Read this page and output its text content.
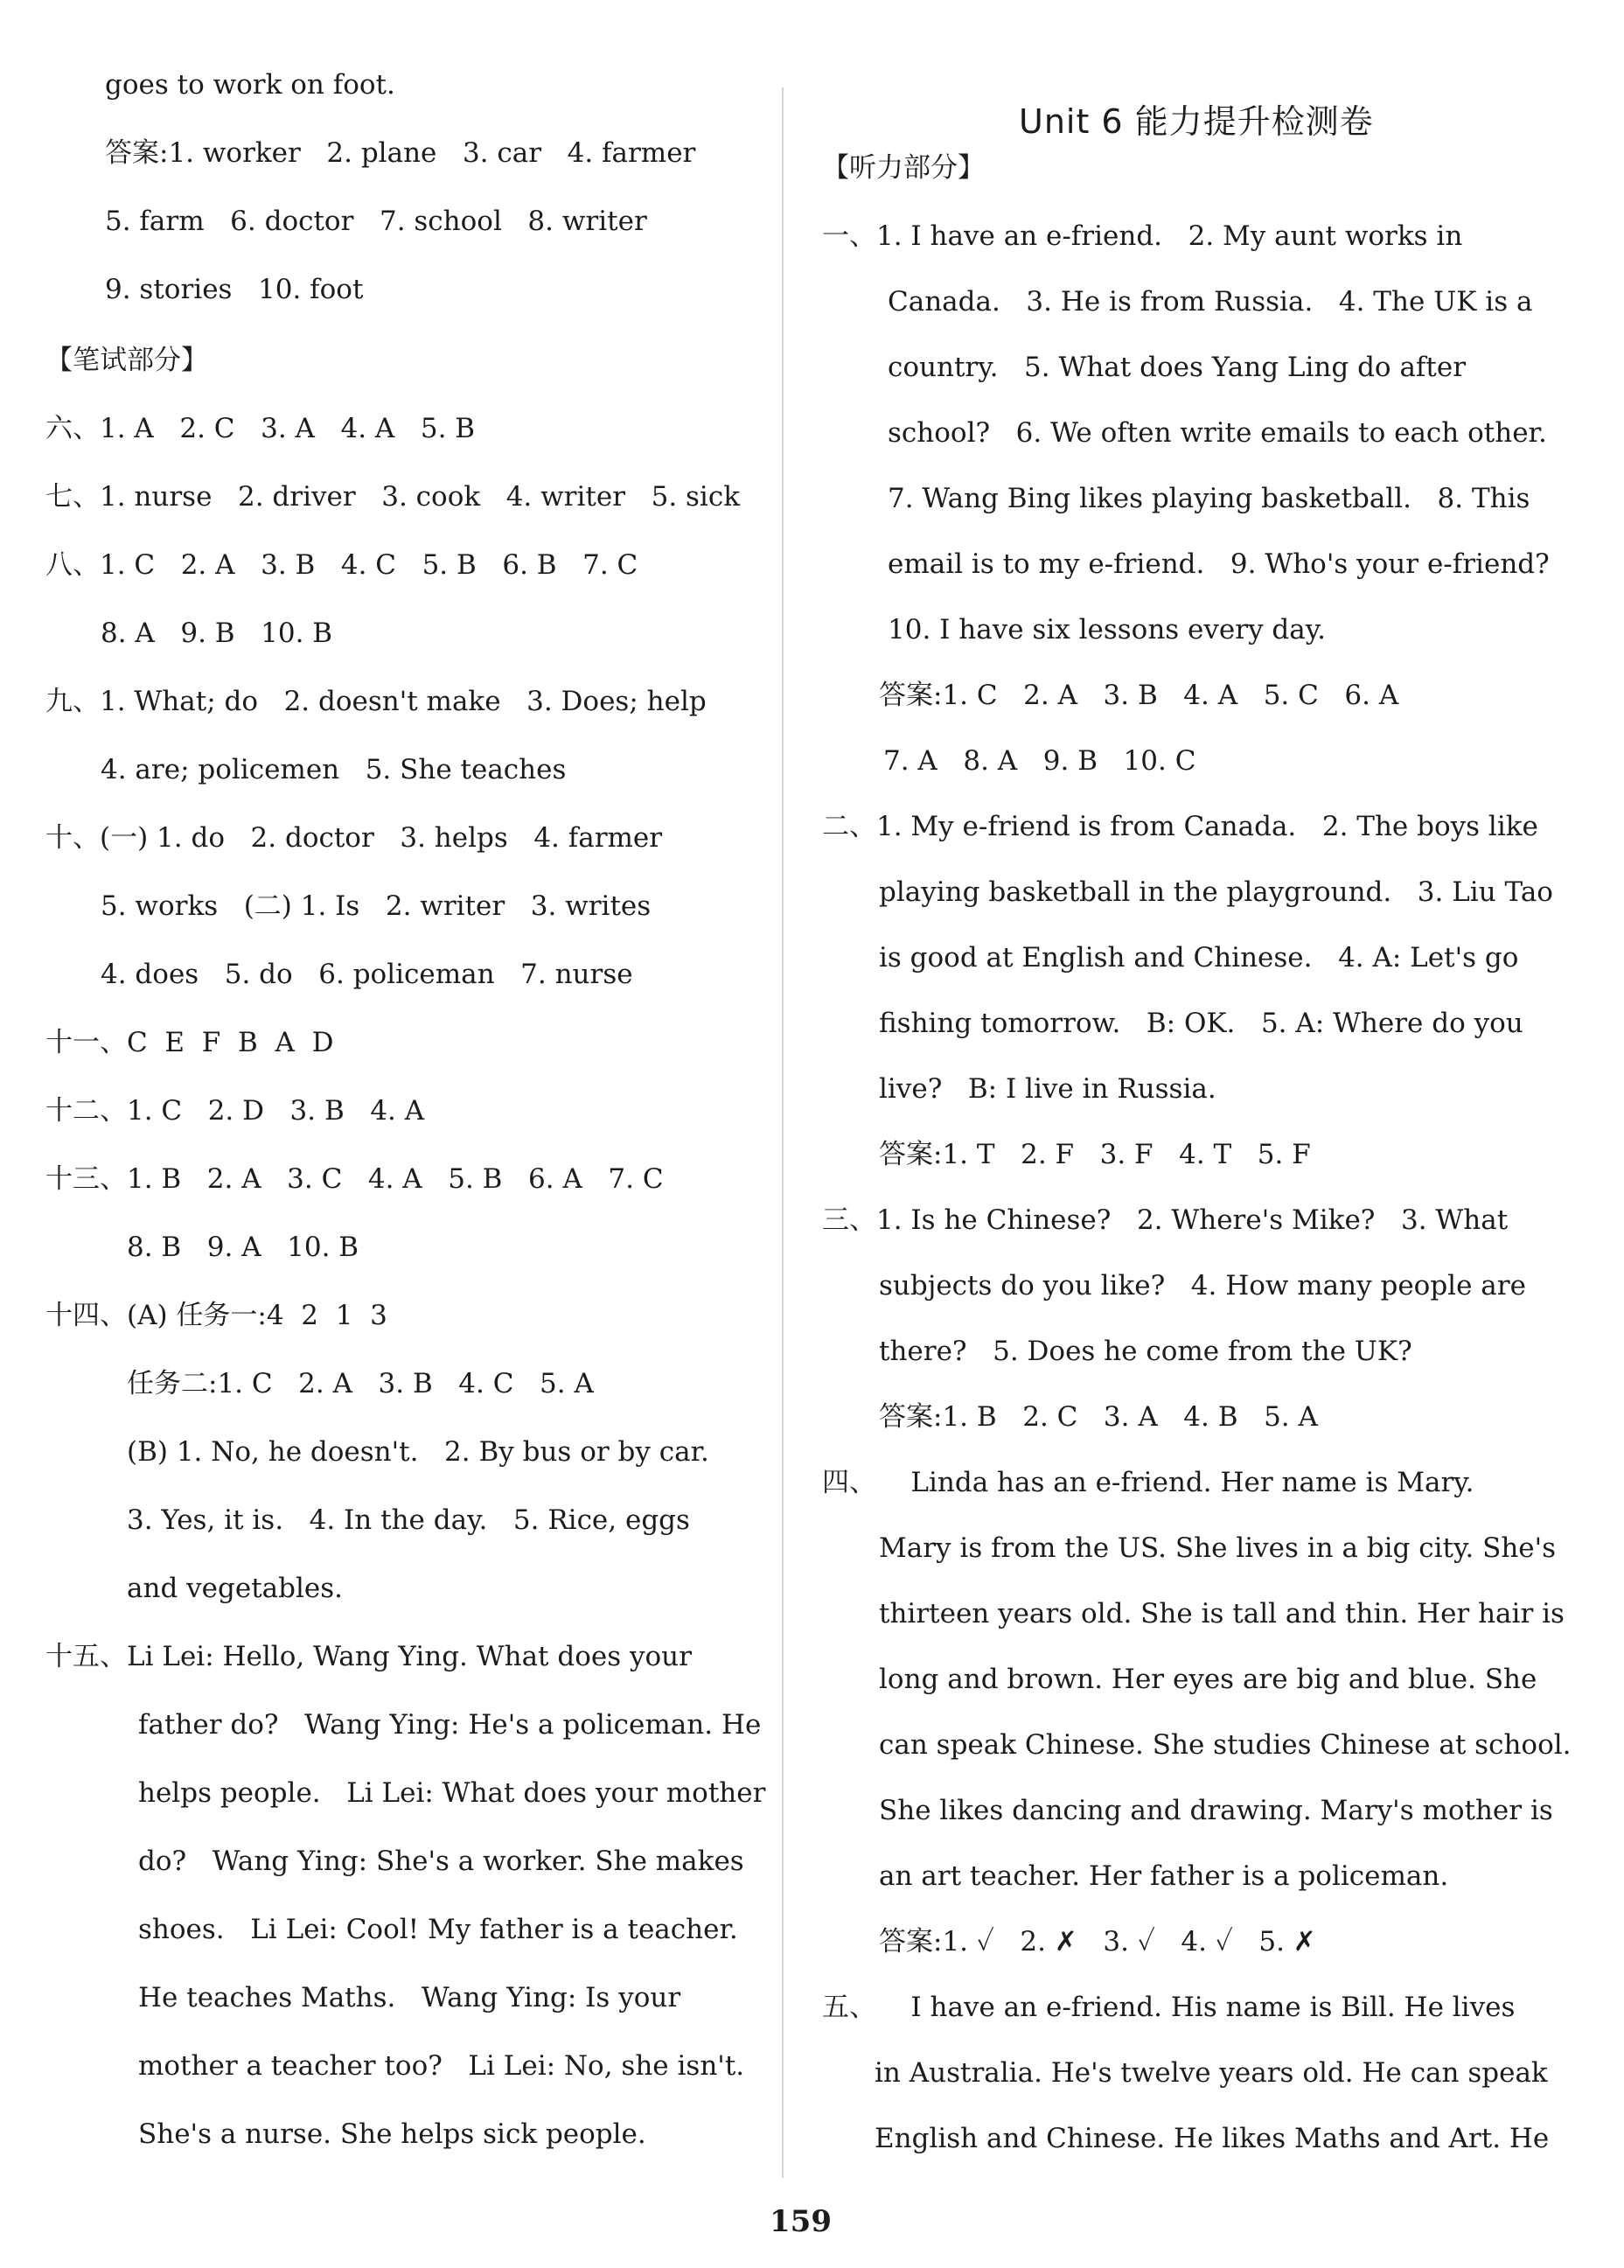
goes to work on foot.
答案:1. worker   2. plane   3. car   4. farmer
5. farm   6. doctor   7. school   8. writer
9. stories   10. foot
【笔试部分】
六、1. A   2. C   3. A   4. A   5. B
七、1. nurse   2. driver   3. cook   4. writer   5. sick
八、1. C   2. A   3. B   4. C   5. B   6. B   7. C
8. A   9. B   10. B
九、1. What; do   2. doesn't make   3. Does; help
4. are; policemen   5. She teaches
十、(一) 1. do   2. doctor   3. helps   4. farmer
5. works   (二) 1. Is   2. writer   3. writes
4. does   5. do   6. policeman   7. nurse
十一、C  E  F  B  A  D
十二、1. C   2. D   3. B   4. A
十三、1. B   2. A   3. C   4. A   5. B   6. A   7. C
8. B   9. A   10. B
十四、(A) 任务一:4  2  1  3
任务二:1. C   2. A   3. B   4. C   5. A
(B) 1. No, he doesn't.   2. By bus or by car.
3. Yes, it is.   4. In the day.   5. Rice, eggs
and vegetables.
十五、Li Lei: Hello, Wang Ying. What does your
father do?   Wang Ying: He's a policeman. He
helps people.   Li Lei: What does your mother
do?   Wang Ying: She's a worker. She makes
shoes.   Li Lei: Cool! My father is a teacher.
He teaches Maths.   Wang Ying: Is your
mother a teacher too?   Li Lei: No, she isn't.
She's a nurse. She helps sick people.
Unit 6 能力提升检测卷
【听力部分】
一、1. I have an e-friend.   2. My aunt works in
Canada.   3. He is from Russia.   4. The UK is a
country.   5. What does Yang Ling do after
school?   6. We often write emails to each other.
7. Wang Bing likes playing basketball.   8. This
email is to my e-friend.   9. Who's your e-friend?
10. I have six lessons every day.
答案:1. C   2. A   3. B   4. A   5. C   6. A
7. A   8. A   9. B   10. C
二、1. My e-friend is from Canada.   2. The boys like
playing basketball in the playground.   3. Liu Tao
is good at English and Chinese.   4. A: Let's go
fishing tomorrow.   B: OK.   5. A: Where do you
live?   B: I live in Russia.
答案:1. T   2. F   3. F   4. T   5. F
三、1. Is he Chinese?   2. Where's Mike?   3. What
subjects do you like?   4. How many people are
there?   5. Does he come from the UK?
答案:1. B   2. C   3. A   4. B   5. A
四、    Linda has an e-friend. Her name is Mary.
Mary is from the US. She lives in a big city. She's
thirteen years old. She is tall and thin. Her hair is
long and brown. Her eyes are big and blue. She
can speak Chinese. She studies Chinese at school.
She likes dancing and drawing. Mary's mother is
an art teacher. Her father is a policeman.
答案:1. ✓   2. ✗   3. ✓   4. ✓   5. ✗
五、    I have an e-friend. His name is Bill. He lives
in Australia. He's twelve years old. He can speak
English and Chinese. He likes Maths and Art. He
159
